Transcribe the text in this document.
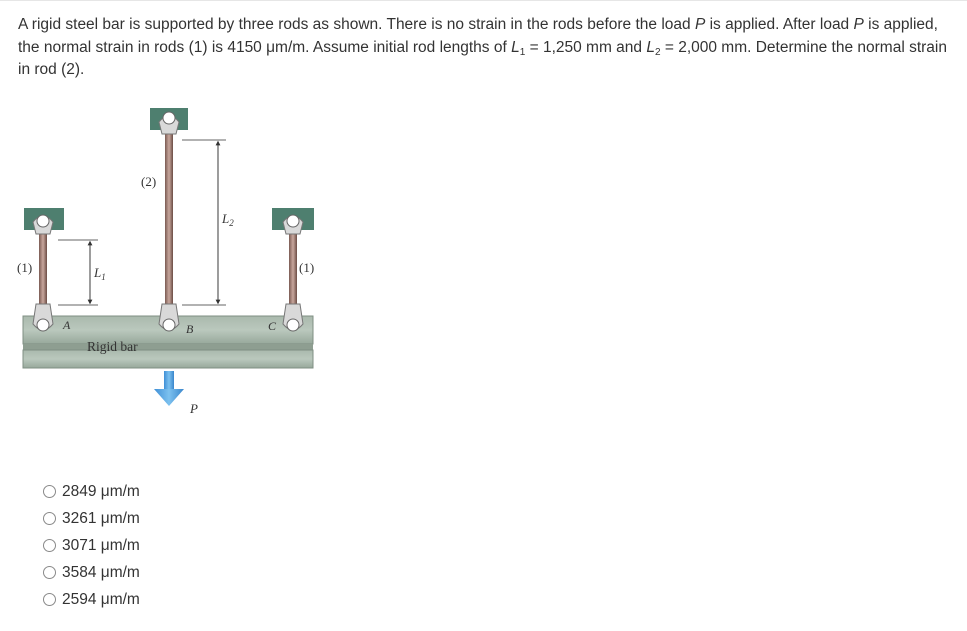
A rigid steel bar is supported by three rods as shown. There is no strain in the rods before the load P is applied. After load P is applied, the normal strain in rods (1) is 4150 μm/m. Assume initial rod lengths of $L_1 = 1,250$ mm and $L_2 = 2,000$ mm. Determine the normal strain in rod (2).
(2)
(1)	(1)
$L_1$
$L_2$
A	B	C
Rigid bar
P
2849 μm/m
3261 μm/m
3071 μm/m
3584 μm/m
2594 μm/m
